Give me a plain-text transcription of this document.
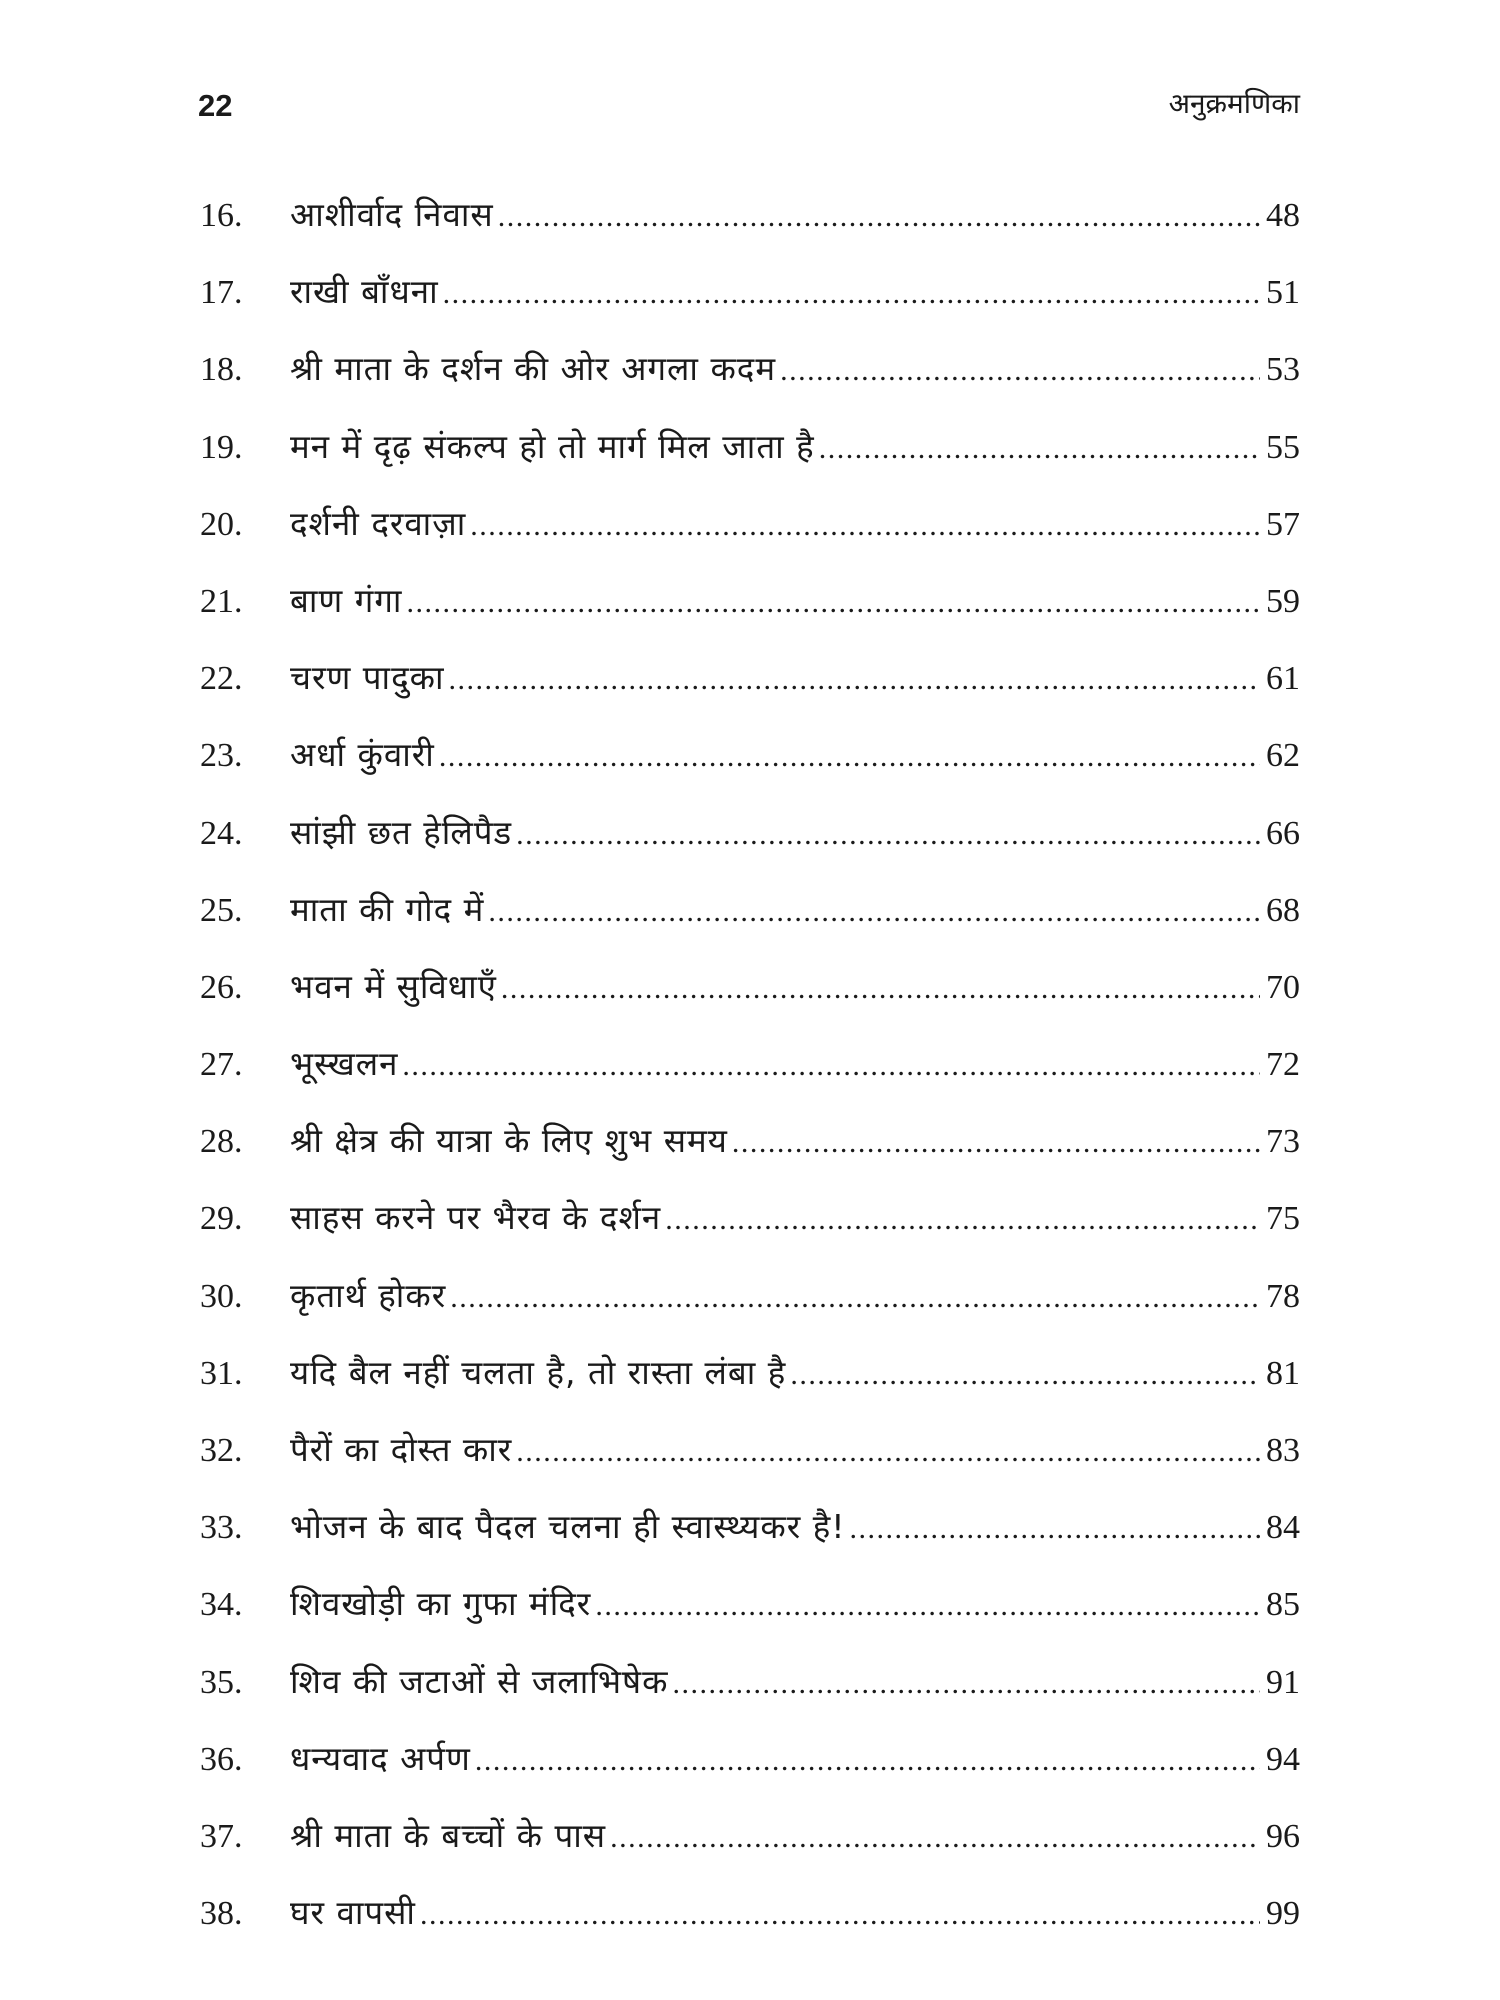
22	अनुक्रमणिका
16.	आशीर्वाद निवास .....	48
17.	राखी बाँधना .....	51
18.	श्री माता के दर्शन की ओर अगला कदम .....	53
19.	मन में दृढ़ संकल्प हो तो मार्ग मिल जाता है .....	55
20.	दर्शनी दरवाज़ा .....	57
21.	बाण गंगा .....	59
22.	चरण पादुका .....	61
23.	अर्धा कुंवारी .....	62
24.	सांझी छत हेलिपैड .....	66
25.	माता की गोद में .....	68
26.	भवन में सुविधाएँ .....	70
27.	भूस्खलन .....	72
28.	श्री क्षेत्र की यात्रा के लिए शुभ समय .....	73
29.	साहस करने पर भैरव के दर्शन .....	75
30.	कृतार्थ होकर .....	78
31.	यदि बैल नहीं चलता है, तो रास्ता लंबा है .....	81
32.	पैरों का दोस्त कार .....	83
33.	भोजन के बाद पैदल चलना ही स्वास्थ्यकर है! .....	84
34.	शिवखोड़ी का गुफा मंदिर .....	85
35.	शिव की जटाओं से जलाभिषेक .....	91
36.	धन्यवाद अर्पण .....	94
37.	श्री माता के बच्चों के पास .....	96
38.	घर वापसी .....	99
